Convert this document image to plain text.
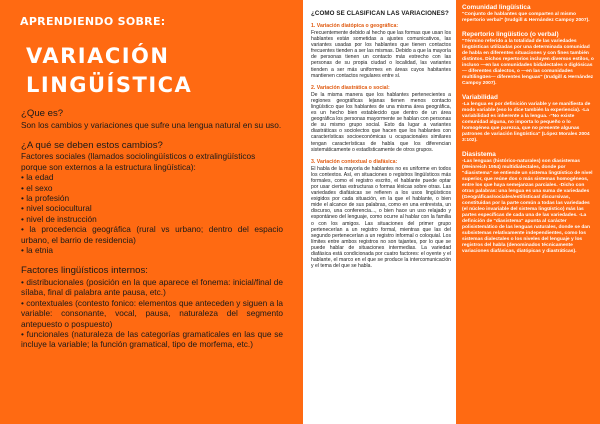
APRENDIENDO SOBRE:
VARIACIÓN
LINGÜÍSTICA

¿Que es?

Son los cambios y variaciones que sufre una lengua natural en su uso.

¿A qué se deben estos cambios?

Factores sociales (llamados sociolingüísticos o extralingüísticos porque son externos a la estructura lingüística):

• la edad

• el sexo

• la profesión

• nivel sociocultural

• nivel de instrucción

• la procedencia geográfica (rural vs urbano; dentro del espacio urbano, el barrio de residencia)

• la etnia

Factores lingüísticos internos:

• distribucionales (posición en la que aparece el fonema: inicial/final de sílaba, final di palabra ante pausa, etc.)

• contextuales (contesto fonico: elementos que anteceden y siguen a la variable: consonante, vocal, pausa, naturaleza del segmento antepuesto o pospuesto)

• funcionales (naturaleza de las categorías gramaticales en las que se incluye la variable; la función gramatical, tipo de morfema, etc.)

¿CÓMO SE CLASIFICAN LAS VARIACIONES?
1. Variación diatópica o geográfica:
Frecuentemente debido al hecho que las formas que usan los hablantes están sometidas a ajustes comunicativos, las variantes usadas por los hablantes que tienen contactos frecuentes tienden a ser las mismas. Debido a que la mayoría de personas tienen un contacto más estrecho con las personas de su propia ciudad o localidad, las variantes tienden a ser más uniformes en áreas cuyos habitantes mantienen contactos regulares entre sí.
2. Variación diastrática o social:
De la misma manera que los hablantes pertenecientes a regiones geográficas lejanas tienen menos contacto lingüístico que los hablantes de una misma área geográfica, es un hecho bien establecido que dentro de un área geográfica los personas mayormente se hablan con personas de su mismo grupo social. Esto da lugar a variantes diastráticas o sociolectos que hacen que los hablantes con características socioeconómicas u ocupacionales similares tengan características de habla que los diferencian sistemáticamente o estadísticamente de otros grupos.
3. Variación contextual o diafásica:
El habla de la mayoría de hablantes no es uniforme en todos los contextos. Así, en situaciones o registros lingüísticos más formales, como el registro escrito, el hablante puede optar por usar ciertas estructuras o formas léxicas sobre otras. Las variedades diafásicas se refieren a los usos lingüísticos exigidos por cada situación, en la que el hablante, o bien mide el alcance de sus palabras, como en una entrevista, un discurso, una conferencia..., o bien hace un uso relajado y espontáneo del lenguaje, como ocurre al hablar con la familia o con los amigos. Las situaciones del primer grupo pertenecerían a un registro formal, mientras que las del segundo pertenecerían a un registro informal o coloquial. Los límites entre ambos registros no son tajantes, por lo que se puede hablar de situaciones intermedias. La variedad diafásica está condicionada por cuatro factores: el oyente y el hablante, el marco en el que se produce la intercomunicación y el tema del que se habla.
Comunidad lingüística
"Conjunto de hablantes que comparten al mismo repertorio verbal" (Irudgill & Hernández Campoy 2007).
Repertorio lingüístico (o verbal)
"Término referido a la totalidad de las variedades lingüísticas utilizadas por una determinada comunidad de habla en diferentes situaciones y con fines también distintos. Dichos repertorios incluyen diversos estilos, o incluso —en las comunidades bidialectales o diglósicas— diferentes dialectos, o —en las comunidades multilingües— diferentes lenguas" (Irudgill & Hernández Campoy 2007).
Variabilidad
-La lengua es por definición variable y se manifiesta de modo variable (eso lo dice también la experiencia). -La variabilidad es inherente a la lengua. -"No existe comunidad alguna, no importa lo pequeño o lo homogénea que parezca, que no presente algunas patrones de variación lingüística" (López Morales 2004 3:102).
Diasistema
-Las lenguas (histórico-naturales) son diasistemas (Weinreich 1954) multidialectales, donde por "diasistema" se entiende un sistema lingüístico de nivel superior, que reúne dos o más sistemas homogéneos, entre los que haya semejanzas parciales. -Dicho con otras palabras: una lengua es una suma de variedades (Geográficas/sociales/estilísticas/ discursivas, constituidas por la parte común a todas las variedades (el núcleo invariable del sistema lingüístico) más las partes específicas de cada una de las variedades. -La definición de "diasistema" apunta al carácter polisistemático de las lenguas naturales, donde se dan subsistemas relativamente independientes, como los sistemas dialectales o los niveles del lenguaje y los registros del habla (denominados técnicamente variaciones diafásicas, diatópicas y diastráticas).
